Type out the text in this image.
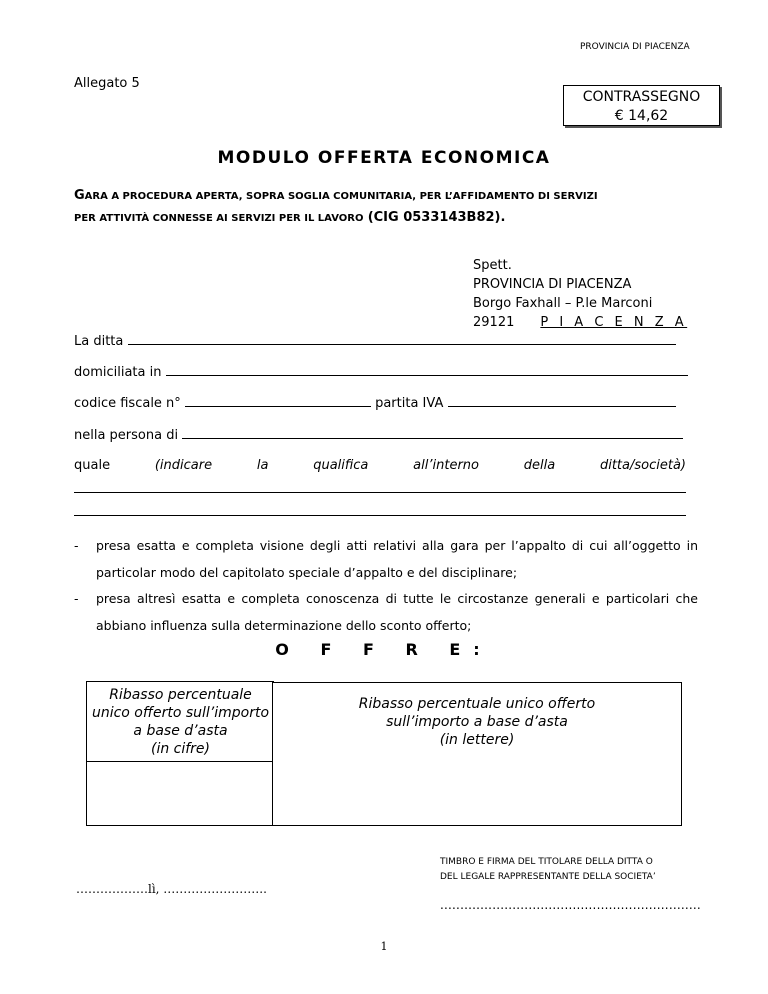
PROVINCIA DI PIACENZA
Allegato 5
CONTRASSEGNO
€ 14,62
MODULO OFFERTA ECONOMICA
GARA A PROCEDURA APERTA, SOPRA SOGLIA COMUNITARIA, PER L’AFFIDAMENTO DI SERVIZI
PER ATTIVITÀ CONNESSE AI SERVIZI PER IL LAVORO (CIG 0533143B82).
Spett.
PROVINCIA DI PIACENZA
Borgo Faxhall – P.le Marconi
29121 P I A C E N Z A
La ditta
domiciliata in
codice fiscale n°	partita IVA
nella persona di
quale	(indicare	la	qualifica	all’interno	della	ditta/società)
- presa esatta e completa visione degli atti relativi alla gara per l’appalto di cui all’oggetto in particolar modo del capitolato speciale d’appalto e del disciplinare;
- presa altresì esatta e completa conoscenza di tutte le circostanze generali e particolari che abbiano influenza sulla determinazione dello sconto offerto;
O F F R E:
Ribasso percentuale
unico offerto sull’importo
a base d’asta
(in cifre)
Ribasso percentuale unico offerto
sull’importo a base d’asta
(in lettere)
TIMBRO E FIRMA DEL TITOLARE DELLA DITTA O
DEL LEGALE RAPPRESENTANTE DELLA SOCIETA’
………………lì, ……………………..
.................................................................
1
